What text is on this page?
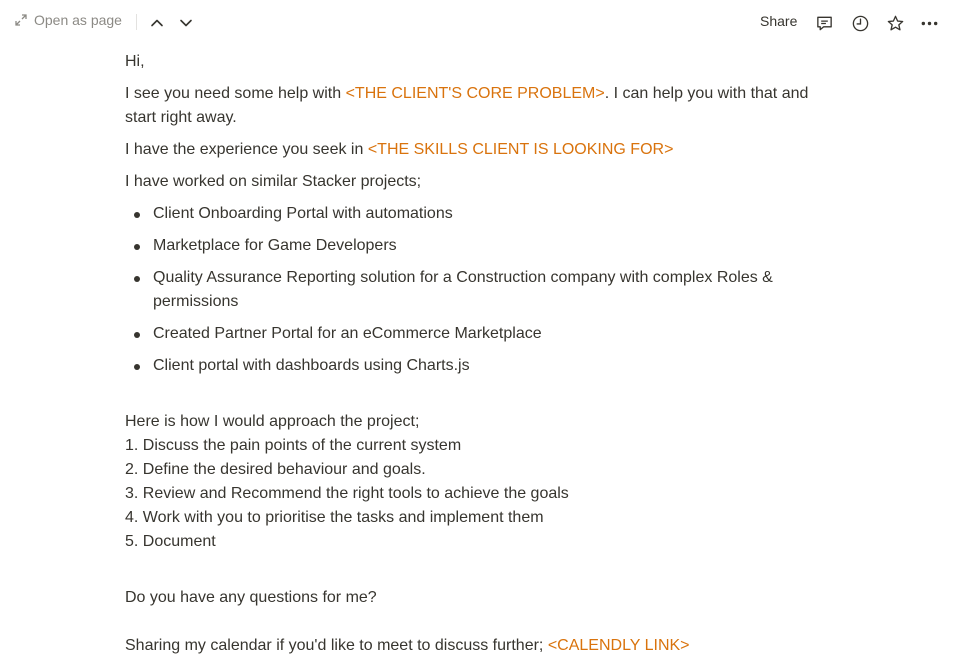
Open as page	Share

Hi,

I see you need some help with <THE CLIENT'S CORE PROBLEM>. I can help you with that and start right away.

I have the experience you seek in <THE SKILLS CLIENT IS LOOKING FOR>

I have worked on similar Stacker projects;

Client Onboarding Portal with automations
Marketplace for Game Developers
Quality Assurance Reporting solution for a Construction company with complex Roles & permissions
Created Partner Portal for an eCommerce Marketplace
Client portal with dashboards using Charts.js
Here is how I would approach the project;
1. Discuss the pain points of the current system
2. Define the desired behaviour and goals.
3. Review and Recommend the right tools to achieve the goals
4. Work with you to prioritise the tasks and implement them
5. Document
Do you have any questions for me?
Sharing my calendar if you'd like to meet to discuss further; <CALENDLY LINK>
